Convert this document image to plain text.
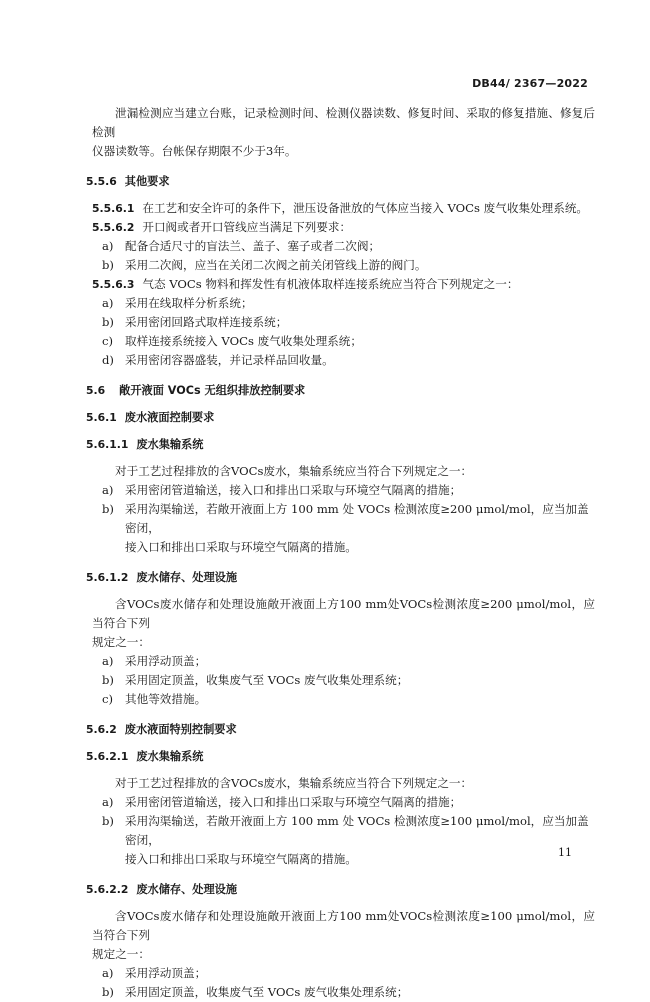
DB44/ 2367—2022

泄漏检测应当建立台账，记录检测时间、检测仪器读数、修复时间、采取的修复措施、修复后检测

仪器读数等。台帐保存期限不少于3年。

5.5.6 其他要求

5.5.6.1 在工艺和安全许可的条件下，泄压设备泄放的气体应当接入 VOCs 废气收集处理系统。

5.5.6.2 开口阀或者开口管线应当满足下列要求：

a) 配备合适尺寸的盲法兰、盖子、塞子或者二次阀；

b) 采用二次阀，应当在关闭二次阀之前关闭管线上游的阀门。

5.5.6.3 气态 VOCs 物料和挥发性有机液体取样连接系统应当符合下列规定之一：

a) 采用在线取样分析系统；

b) 采用密闭回路式取样连接系统；

c) 取样连接系统接入 VOCs 废气收集处理系统；

d) 采用密闭容器盛装，并记录样品回收量。

5.6 敞开液面 VOCs 无组织排放控制要求
5.6.1 废水液面控制要求
5.6.1.1 废水集输系统

对于工艺过程排放的含VOCs废水，集输系统应当符合下列规定之一：

a) 采用密闭管道输送，接入口和排出口采取与环境空气隔离的措施；

b) 采用沟渠输送，若敞开液面上方 100 mm 处 VOCs 检测浓度≥200 μmol/mol，应当加盖密闭，

接入口和排出口采取与环境空气隔离的措施。

5.6.1.2 废水储存、处理设施

含VOCs废水储存和处理设施敞开液面上方100 mm处VOCs检测浓度≥200 μmol/mol，应当符合下列

规定之一：

a) 采用浮动顶盖；

b) 采用固定顶盖，收集废气至 VOCs 废气收集处理系统；

c) 其他等效措施。

5.6.2 废水液面特别控制要求
5.6.2.1 废水集输系统

对于工艺过程排放的含VOCs废水，集输系统应当符合下列规定之一：

a) 采用密闭管道输送，接入口和排出口采取与环境空气隔离的措施；

b) 采用沟渠输送，若敞开液面上方 100 mm 处 VOCs 检测浓度≥100 μmol/mol，应当加盖密闭，

接入口和排出口采取与环境空气隔离的措施。

5.6.2.2 废水储存、处理设施

含VOCs废水储存和处理设施敞开液面上方100 mm处VOCs检测浓度≥100 μmol/mol，应当符合下列

规定之一：

a) 采用浮动顶盖；

b) 采用固定顶盖，收集废气至 VOCs 废气收集处理系统；

11
